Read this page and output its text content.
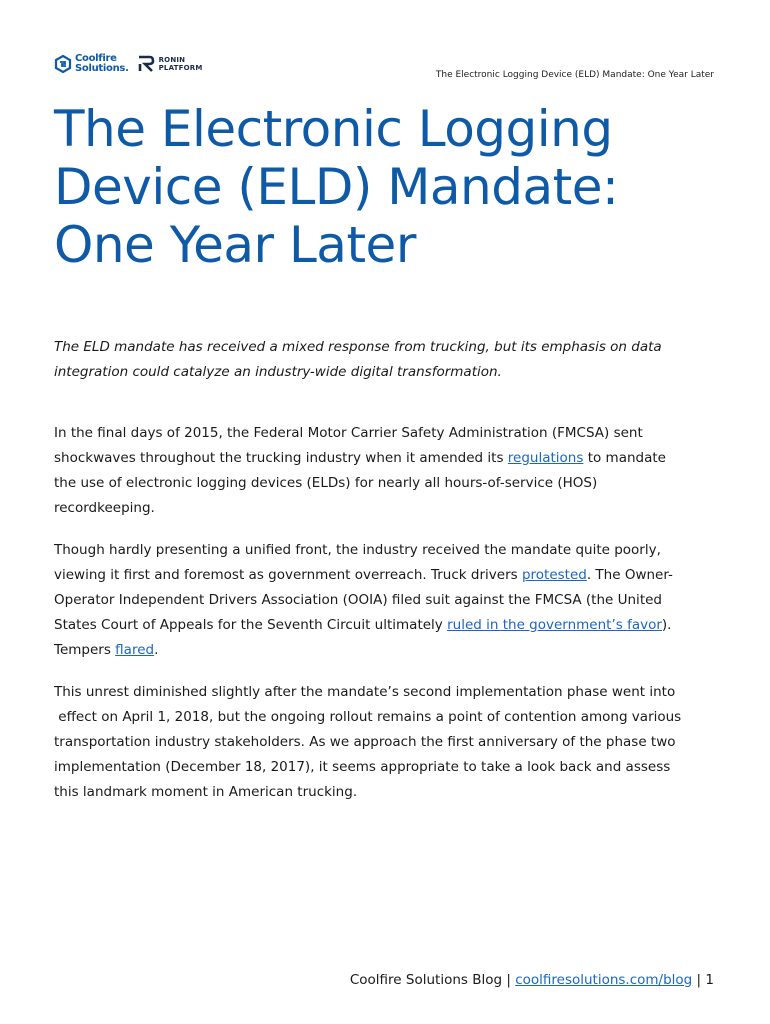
Coolfire
Solutions.
RONIN
PLATFORM
The Electronic Logging Device (ELD) Mandate: One Year Later
The Electronic Logging
Device (ELD) Mandate:
One Year Later

The ELD mandate has received a mixed response from trucking, but its emphasis on data
integration could catalyze an industry-wide digital transformation.

In the final days of 2015, the Federal Motor Carrier Safety Administration (FMCSA) sent
shockwaves throughout the trucking industry when it amended its regulations to mandate
the use of electronic logging devices (ELDs) for nearly all hours-of-service (HOS)
recordkeeping.

Though hardly presenting a unified front, the industry received the mandate quite poorly,
viewing it first and foremost as government overreach. Truck drivers protested. The Owner-
Operator Independent Drivers Association (OOIA) filed suit against the FMCSA (the United
States Court of Appeals for the Seventh Circuit ultimately ruled in the government’s favor).
Tempers flared.

This unrest diminished slightly after the mandate’s second implementation phase went into
effect on April 1, 2018, but the ongoing rollout remains a point of contention among various
transportation industry stakeholders. As we approach the first anniversary of the phase two
implementation (December 18, 2017), it seems appropriate to take a look back and assess
this landmark moment in American trucking.

Coolfire Solutions Blog | coolfiresolutions.com/blog | 1
